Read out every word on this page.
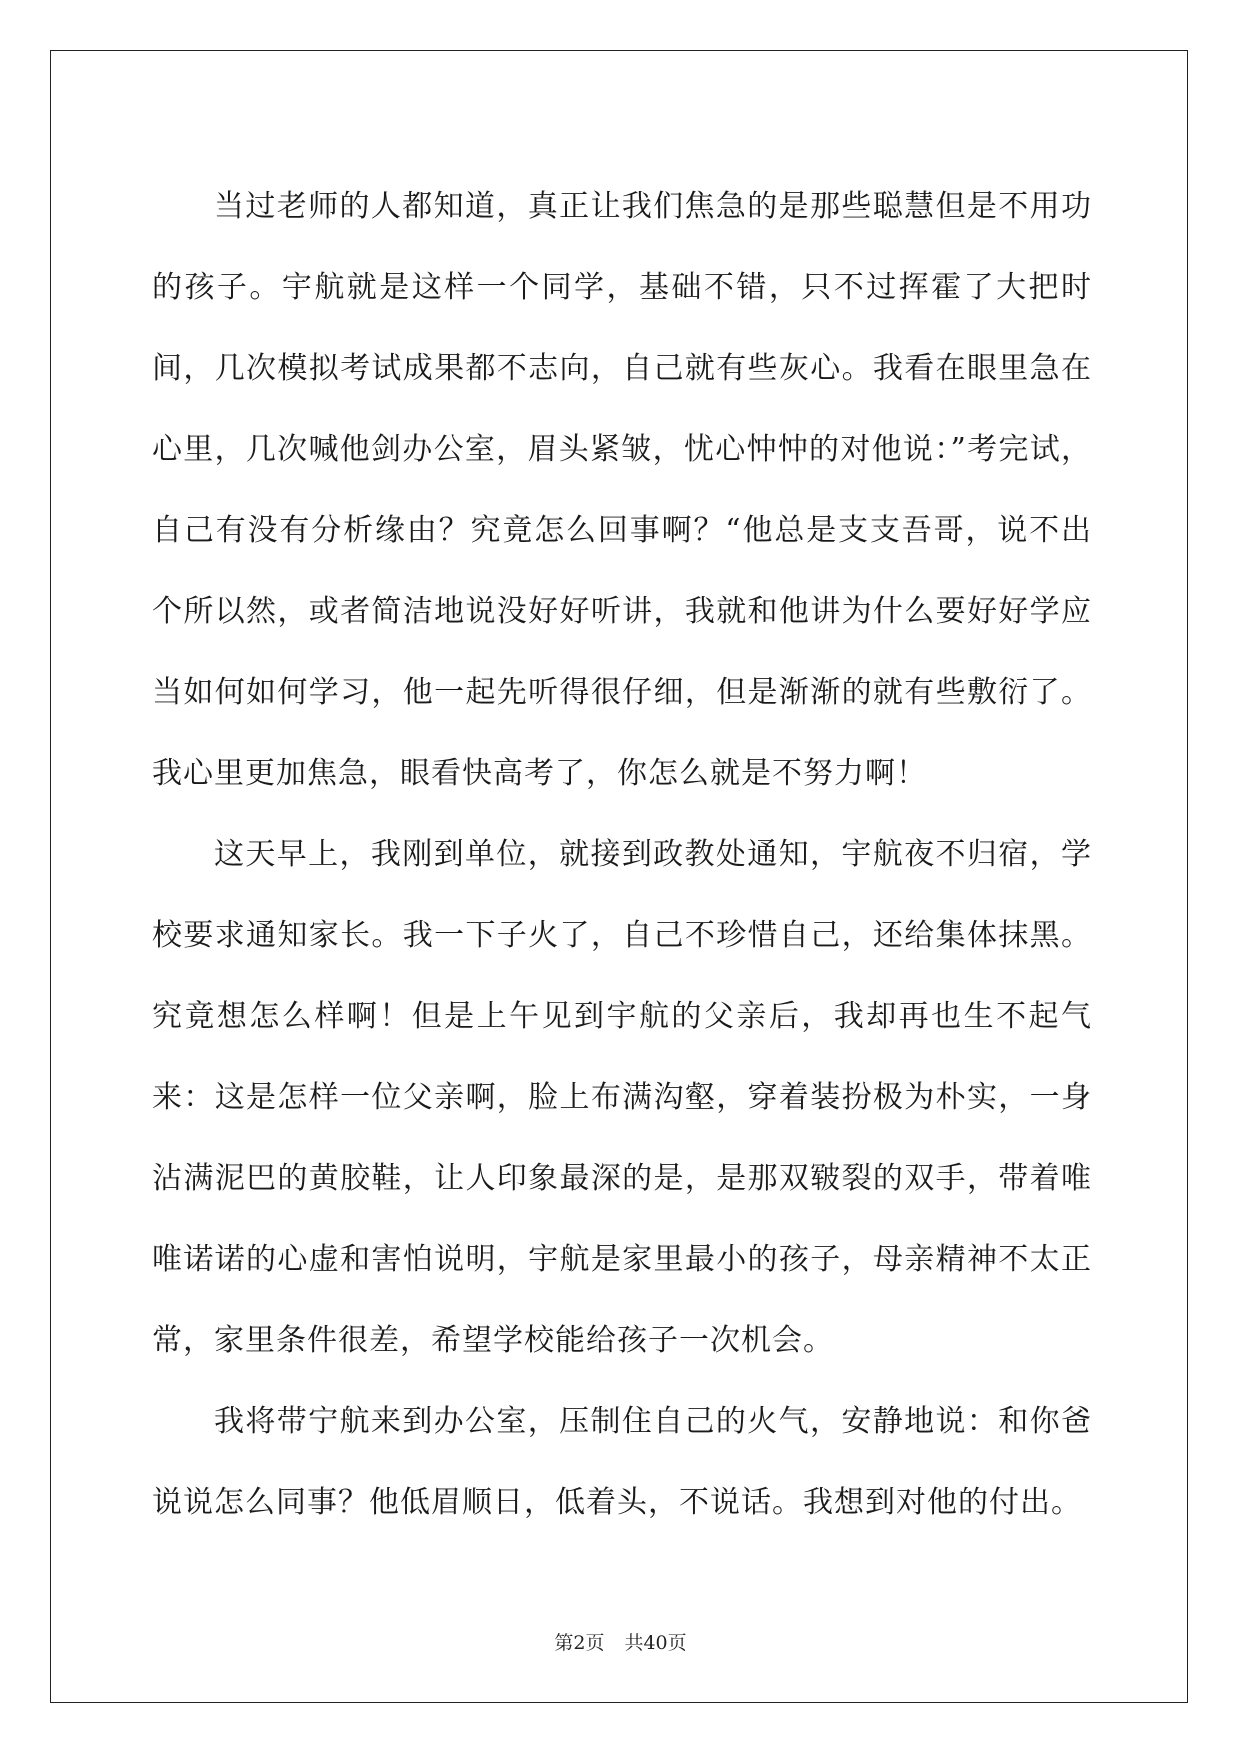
当过老师的人都知道，真正让我们焦急的是那些聪慧但是不用功的孩子。宇航就是这样一个同学，基础不错，只不过挥霍了大把时间，几次模拟考试成果都不志向，自己就有些灰心。我看在眼里急在心里，几次喊他剑办公室，眉头紧皱，忧心忡忡的对他说：”考完试，自己有没有分析缘由？究竟怎么回事啊？“他总是支支吾哥，说不出个所以然，或者简洁地说没好好听讲，我就和他讲为什么要好好学应当如何如何学习，他一起先听得很仔细，但是渐渐的就有些敷衍了。我心里更加焦急，眼看快高考了，你怎么就是不努力啊！

这天早上，我刚到单位，就接到政教处通知，宇航夜不归宿，学校要求通知家长。我一下子火了，自己不珍惜自己，还给集体抹黑。究竟想怎么样啊！但是上午见到宇航的父亲后，我却再也生不起气来：这是怎样一位父亲啊，脸上布满沟壑，穿着装扮极为朴实，一身沾满泥巴的黄胶鞋，让人印象最深的是，是那双皲裂的双手，带着唯唯诺诺的心虚和害怕说明，宇航是家里最小的孩子，母亲精神不太正常，家里条件很差，希望学校能给孩子一次机会。

我将带宁航来到办公室，压制住自己的火气，安静地说：和你爸说说怎么同事？他低眉顺日，低着头，不说话。我想到对他的付出。

第2页 共40页
